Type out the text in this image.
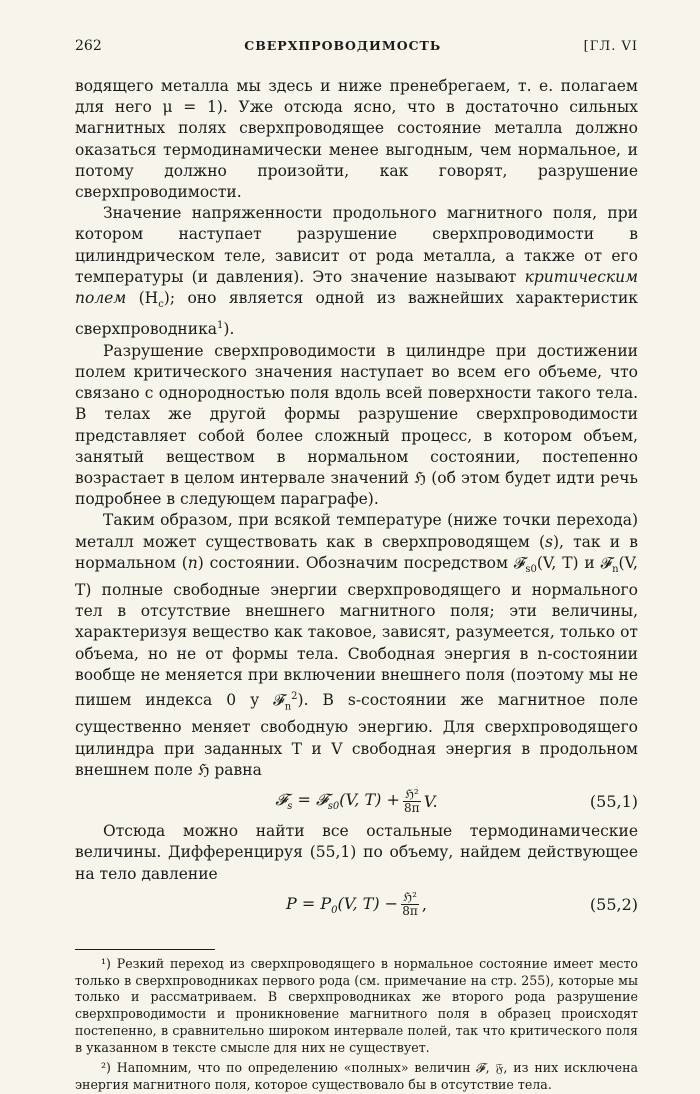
262	СВЕРХПРОВОДИМОСТЬ	[ГЛ. VI

водящего металла мы здесь и ниже пренебрегаем, т. е. полагаем для него μ = 1). Уже отсюда ясно, что в достаточно сильных магнитных полях сверхпроводящее состояние металла должно оказаться термодинамически менее выгодным, чем нормальное, и потому должно произойти, как говорят, разрушение сверхпроводимости.

Значение напряженности продольного магнитного поля, при котором наступает разрушение сверхпроводимости в цилиндрическом теле, зависит от рода металла, а также от его температуры (и давления). Это значение называют критическим полем $(H_c)$; оно является одной из важнейших характеристик сверхпроводника$^1$).

Разрушение сверхпроводимости в цилиндре при достижении полем критического значения наступает во всем его объеме, что связано с однородностью поля вдоль всей поверхности такого тела. В телах же другой формы разрушение сверхпроводимости представляет собой более сложный процесс, в котором объем, занятый веществом в нормальном состоянии, постепенно возрастает в целом интервале значений ℌ (об этом будет идти речь подробнее в следующем параграфе).

Таким образом, при всякой температуре (ниже точки перехода) металл может существовать как в сверхпроводящем (s), так и в нормальном (n) состоянии. Обозначим посредством 𝓕$_{s0}$(V, T) и 𝓕$_n$(V, T) полные свободные энергии сверхпроводящего и нормального тел в отсутствие внешнего магнитного поля; эти величины, характеризуя вещество как таковое, зависят, разумеется, только от объема, но не от формы тела. Свободная энергия в n-состоянии вообще не меняется при включении внешнего поля (поэтому мы не пишем индекса 0 у 𝓕$_n^2$). В s-состоянии же магнитное поле существенно меняет свободную энергию. Для сверхпроводящего цилиндра при заданных T и V свободная энергия в продольном внешнем поле ℌ равна

𝓕$_s$ = 𝓕$_{s0}$(V, $T) + \frac{\text{ℌ²}}{8\pi} V$.	(55,1)

Отсюда можно найти все остальные термодинамические величины. Дифференцируя (55,1) по объему, найдем действующее на тело давление

$P = P_0(V$, $T) - \frac{\text{ℌ²}}{8\pi}$ ,	(55,2)

¹) Резкий переход из сверхпроводящего в нормальное состояние имеет место только в сверхпроводниках первого рода (см. примечание на стр. 255), которые мы только и рассматриваем. В сверхпроводниках же второго рода разрушение сверхпроводимости и проникновение магнитного поля в образец происходят постепенно, в сравнительно широком интервале полей, так что критического поля в указанном в тексте смысле для них не существует.

²) Напомним, что по определению «полных» величин 𝓕, 𝔉, из них исключена энергия магнитного поля, которое существовало бы в отсутствие тела.
